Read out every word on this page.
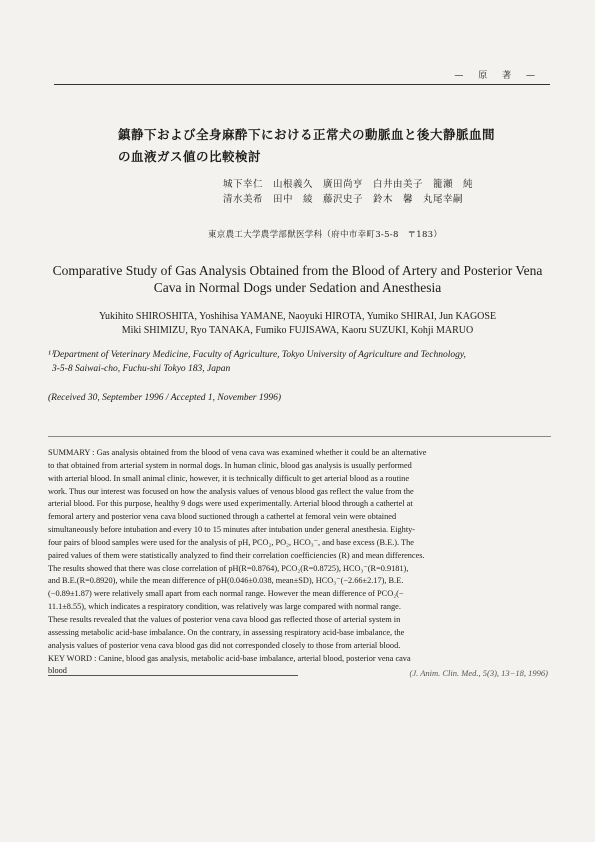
— 原 著 —
鎮静下および全身麻酔下における正常犬の動脈血と後大静脈血間
の血液ガス値の比較検討
城下幸仁　山根義久　廣田尚亨　白井由美子　籠瀬　純
清水美希　田中　綾　藤沢史子　鈴木　馨　丸尾幸嗣
東京農工大学農学部獣医学科（府中市幸町3-5-8　〒183）
Comparative Study of Gas Analysis Obtained from the Blood of Artery and Posterior Vena
Cava in Normal Dogs under Sedation and Anesthesia
Yukihito SHIROSHITA, Yoshihisa YAMANE, Naoyuki HIROTA, Yumiko SHIRAI, Jun KAGOSE
Miki SHIMIZU, Ryo TANAKA, Fumiko FUJISAWA, Kaoru SUZUKI, Kohji MARUO
¹⁾Department of Veterinary Medicine, Faculty of Agriculture, Tokyo University of Agriculture and Technology,
3-5-8 Saiwai-cho, Fuchu-shi Tokyo 183, Japan
(Received 30, September 1996 / Accepted 1, November 1996)

SUMMARY : Gas analysis obtained from the blood of vena cava was examined whether it could be an alternative

to that obtained from arterial system in normal dogs. In human clinic, blood gas analysis is usually performed

with arterial blood. In small animal clinic, however, it is technically difficult to get arterial blood as a routine

work. Thus our interest was focused on how the analysis values of venous blood gas reflect the value from the

arterial blood. For this purpose, healthy 9 dogs were used experimentally. Arterial blood through a cathertel at

femoral artery and posterior vena cava blood suctioned through a cathertel at femoral vein were obtained

simultaneously before intubation and every 10 to 15 minutes after intubation under general anesthesia. Eighty-

four pairs of blood samples were used for the analysis of pH, PCO₂, PO₂, HCO₃⁻, and base excess (B.E.). The

paired values of them were statistically analyzed to find their correlation coefficiencies (R) and mean differences.

The results showed that there was close correlation of pH(R=0.8764), PCO₂(R=0.8725), HCO₃⁻(R=0.9181),

and B.E.(R=0.8920), while the mean difference of pH(0.046±0.038, mean±SD), HCO₃⁻(−2.66±2.17), B.E.

(−0.89±1.87) were relatively small apart from each normal range. However the mean difference of PCO₂(−

11.1±8.55), which indicates a respiratory condition, was relatively was large compared with normal range.

These results revealed that the values of posterior vena cava blood gas reflected those of arterial system in

assessing metabolic acid-base imbalance. On the contrary, in assessing respiratory acid-base imbalance, the

analysis values of posterior vena cava blood gas did not corresponded closely to those from arterial blood.

KEY WORD : Canine, blood gas analysis, metabolic acid-base imbalance, arterial blood, posterior vena cava

blood	(J. Anim. Clin. Med., 5(3), 13−18, 1996)
